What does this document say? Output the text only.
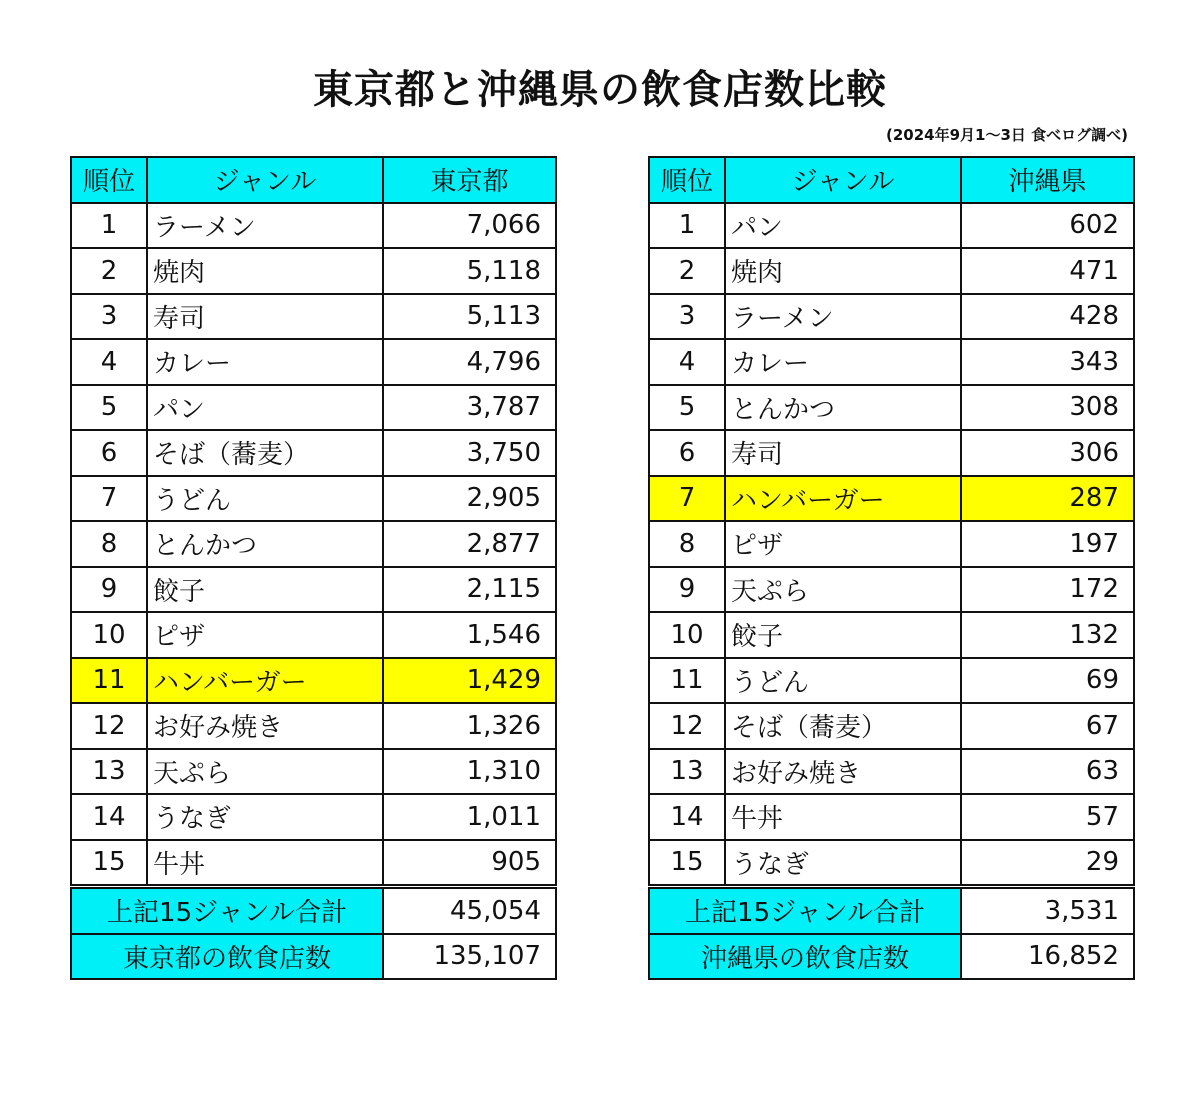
東京都と沖縄県の飲食店数比較
(2024年9月1～3日 食べログ調べ)
順位	ジャンル	東京都
1	ラーメン	7,066
2	焼肉	5,118
3	寿司	5,113
4	カレー	4,796
5	パン	3,787
6	そば（蕎麦）	3,750
7	うどん	2,905
8	とんかつ	2,877
9	餃子	2,115
10	ピザ	1,546
11	ハンバーガー	1,429
12	お好み焼き	1,326
13	天ぷら	1,310
14	うなぎ	1,011
15	牛丼	905
上記15ジャンル合計		45,054
東京都の飲食店数		135,107
順位	ジャンル	沖縄県
1	パン	602
2	焼肉	471
3	ラーメン	428
4	カレー	343
5	とんかつ	308
6	寿司	306
7	ハンバーガー	287
8	ピザ	197
9	天ぷら	172
10	餃子	132
11	うどん	69
12	そば（蕎麦）	67
13	お好み焼き	63
14	牛丼	57
15	うなぎ	29
上記15ジャンル合計		3,531
沖縄県の飲食店数		16,852
